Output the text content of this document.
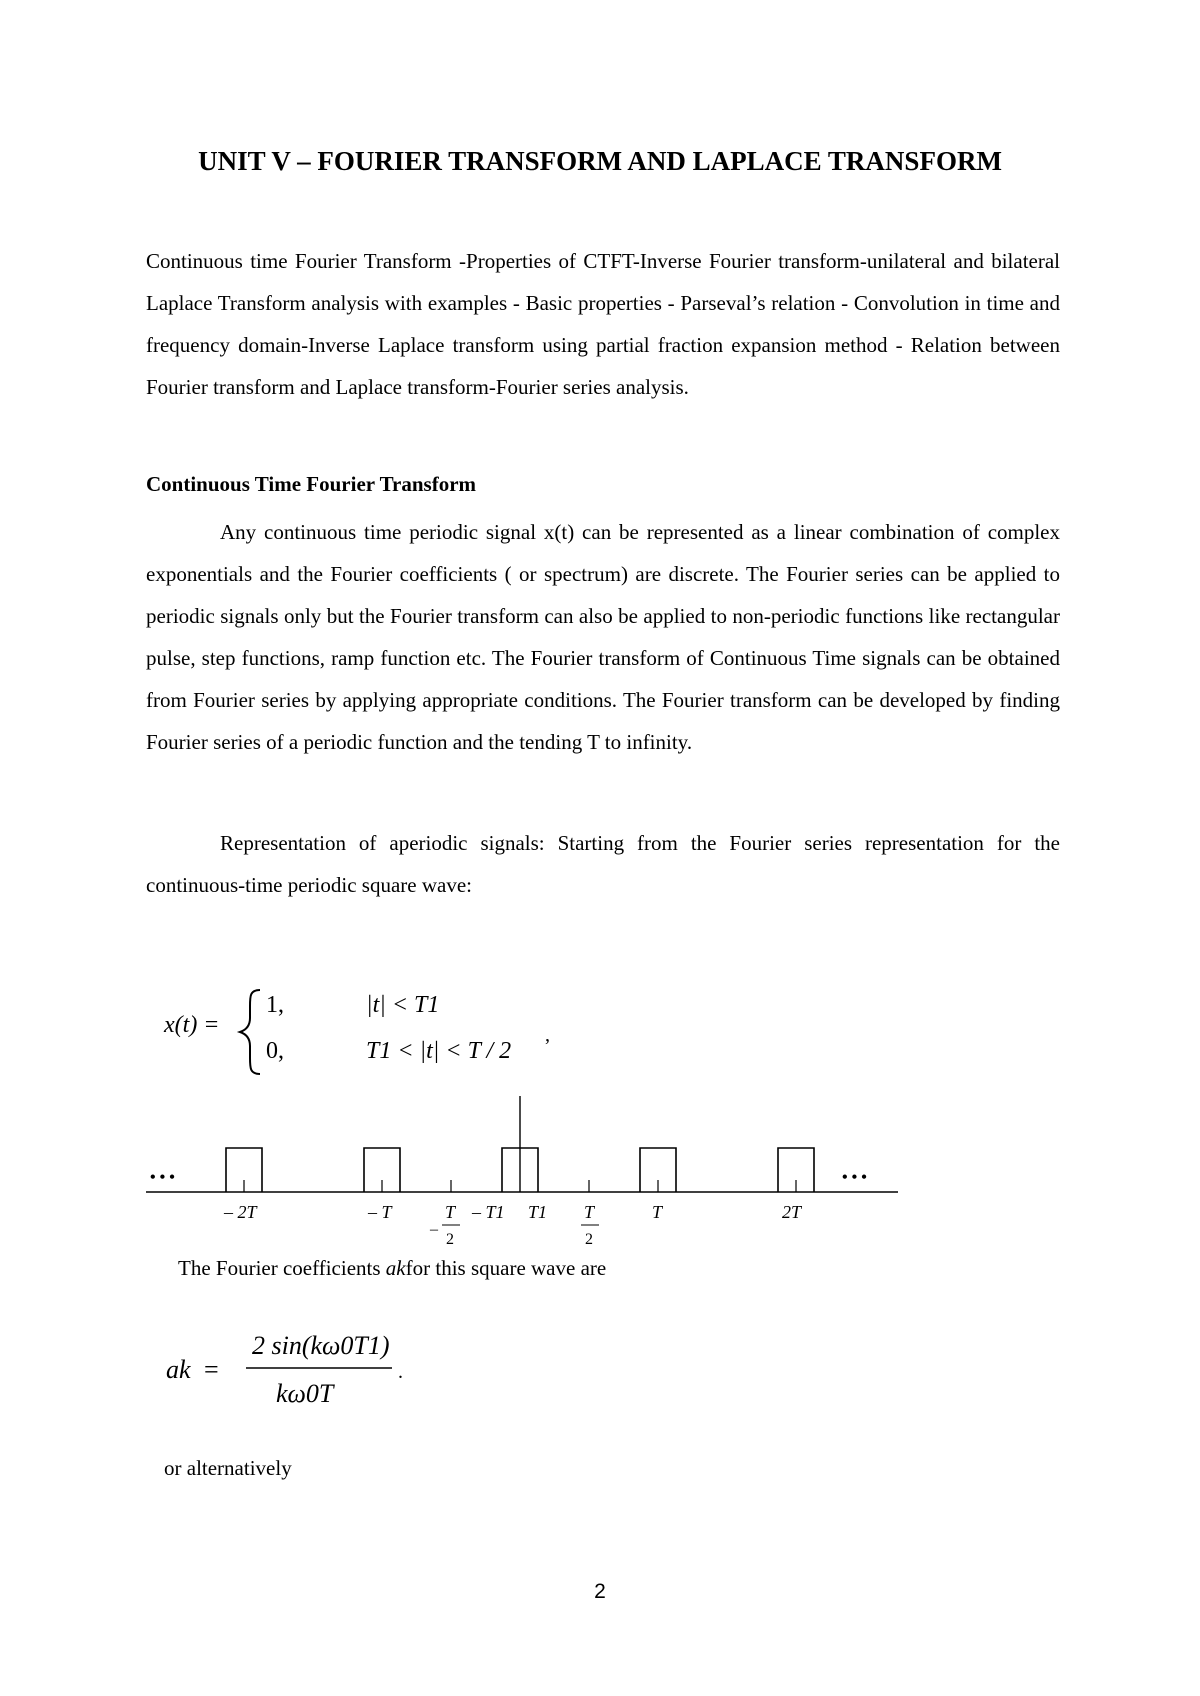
UNIT V – FOURIER TRANSFORM AND LAPLACE TRANSFORM
Continuous time Fourier Transform -Properties of CTFT-Inverse Fourier transform-unilateral and bilateral Laplace Transform analysis with examples - Basic properties - Parseval’s relation - Convolution in time and frequency domain-Inverse Laplace transform using partial fraction expansion method - Relation between Fourier transform and Laplace transform-Fourier series analysis.
Continuous Time Fourier Transform
Any continuous time periodic signal x(t) can be represented as a linear combination of complex exponentials and the Fourier coefficients ( or spectrum) are discrete. The Fourier series can be applied to periodic signals only but the Fourier transform can also be applied to non-periodic functions like rectangular pulse, step functions, ramp function etc. The Fourier transform of Continuous Time signals can be obtained from Fourier series by applying appropriate conditions. The Fourier transform can be developed by finding Fourier series of a periodic function and the tending T to infinity.
Representation of aperiodic signals: Starting from the Fourier series representation for the continuous-time periodic square wave:
x(t) =
1,	|t| < T1
0,	T1 < |t| < T / 2 ’
• • •	• • •
– 2T	– T
–
T
2
– T1 T1 T
2
T	2T
The Fourier coefficients akfor this square wave are
ak =
2 sin(kω0T1)
kω0T
.
or alternatively
2
